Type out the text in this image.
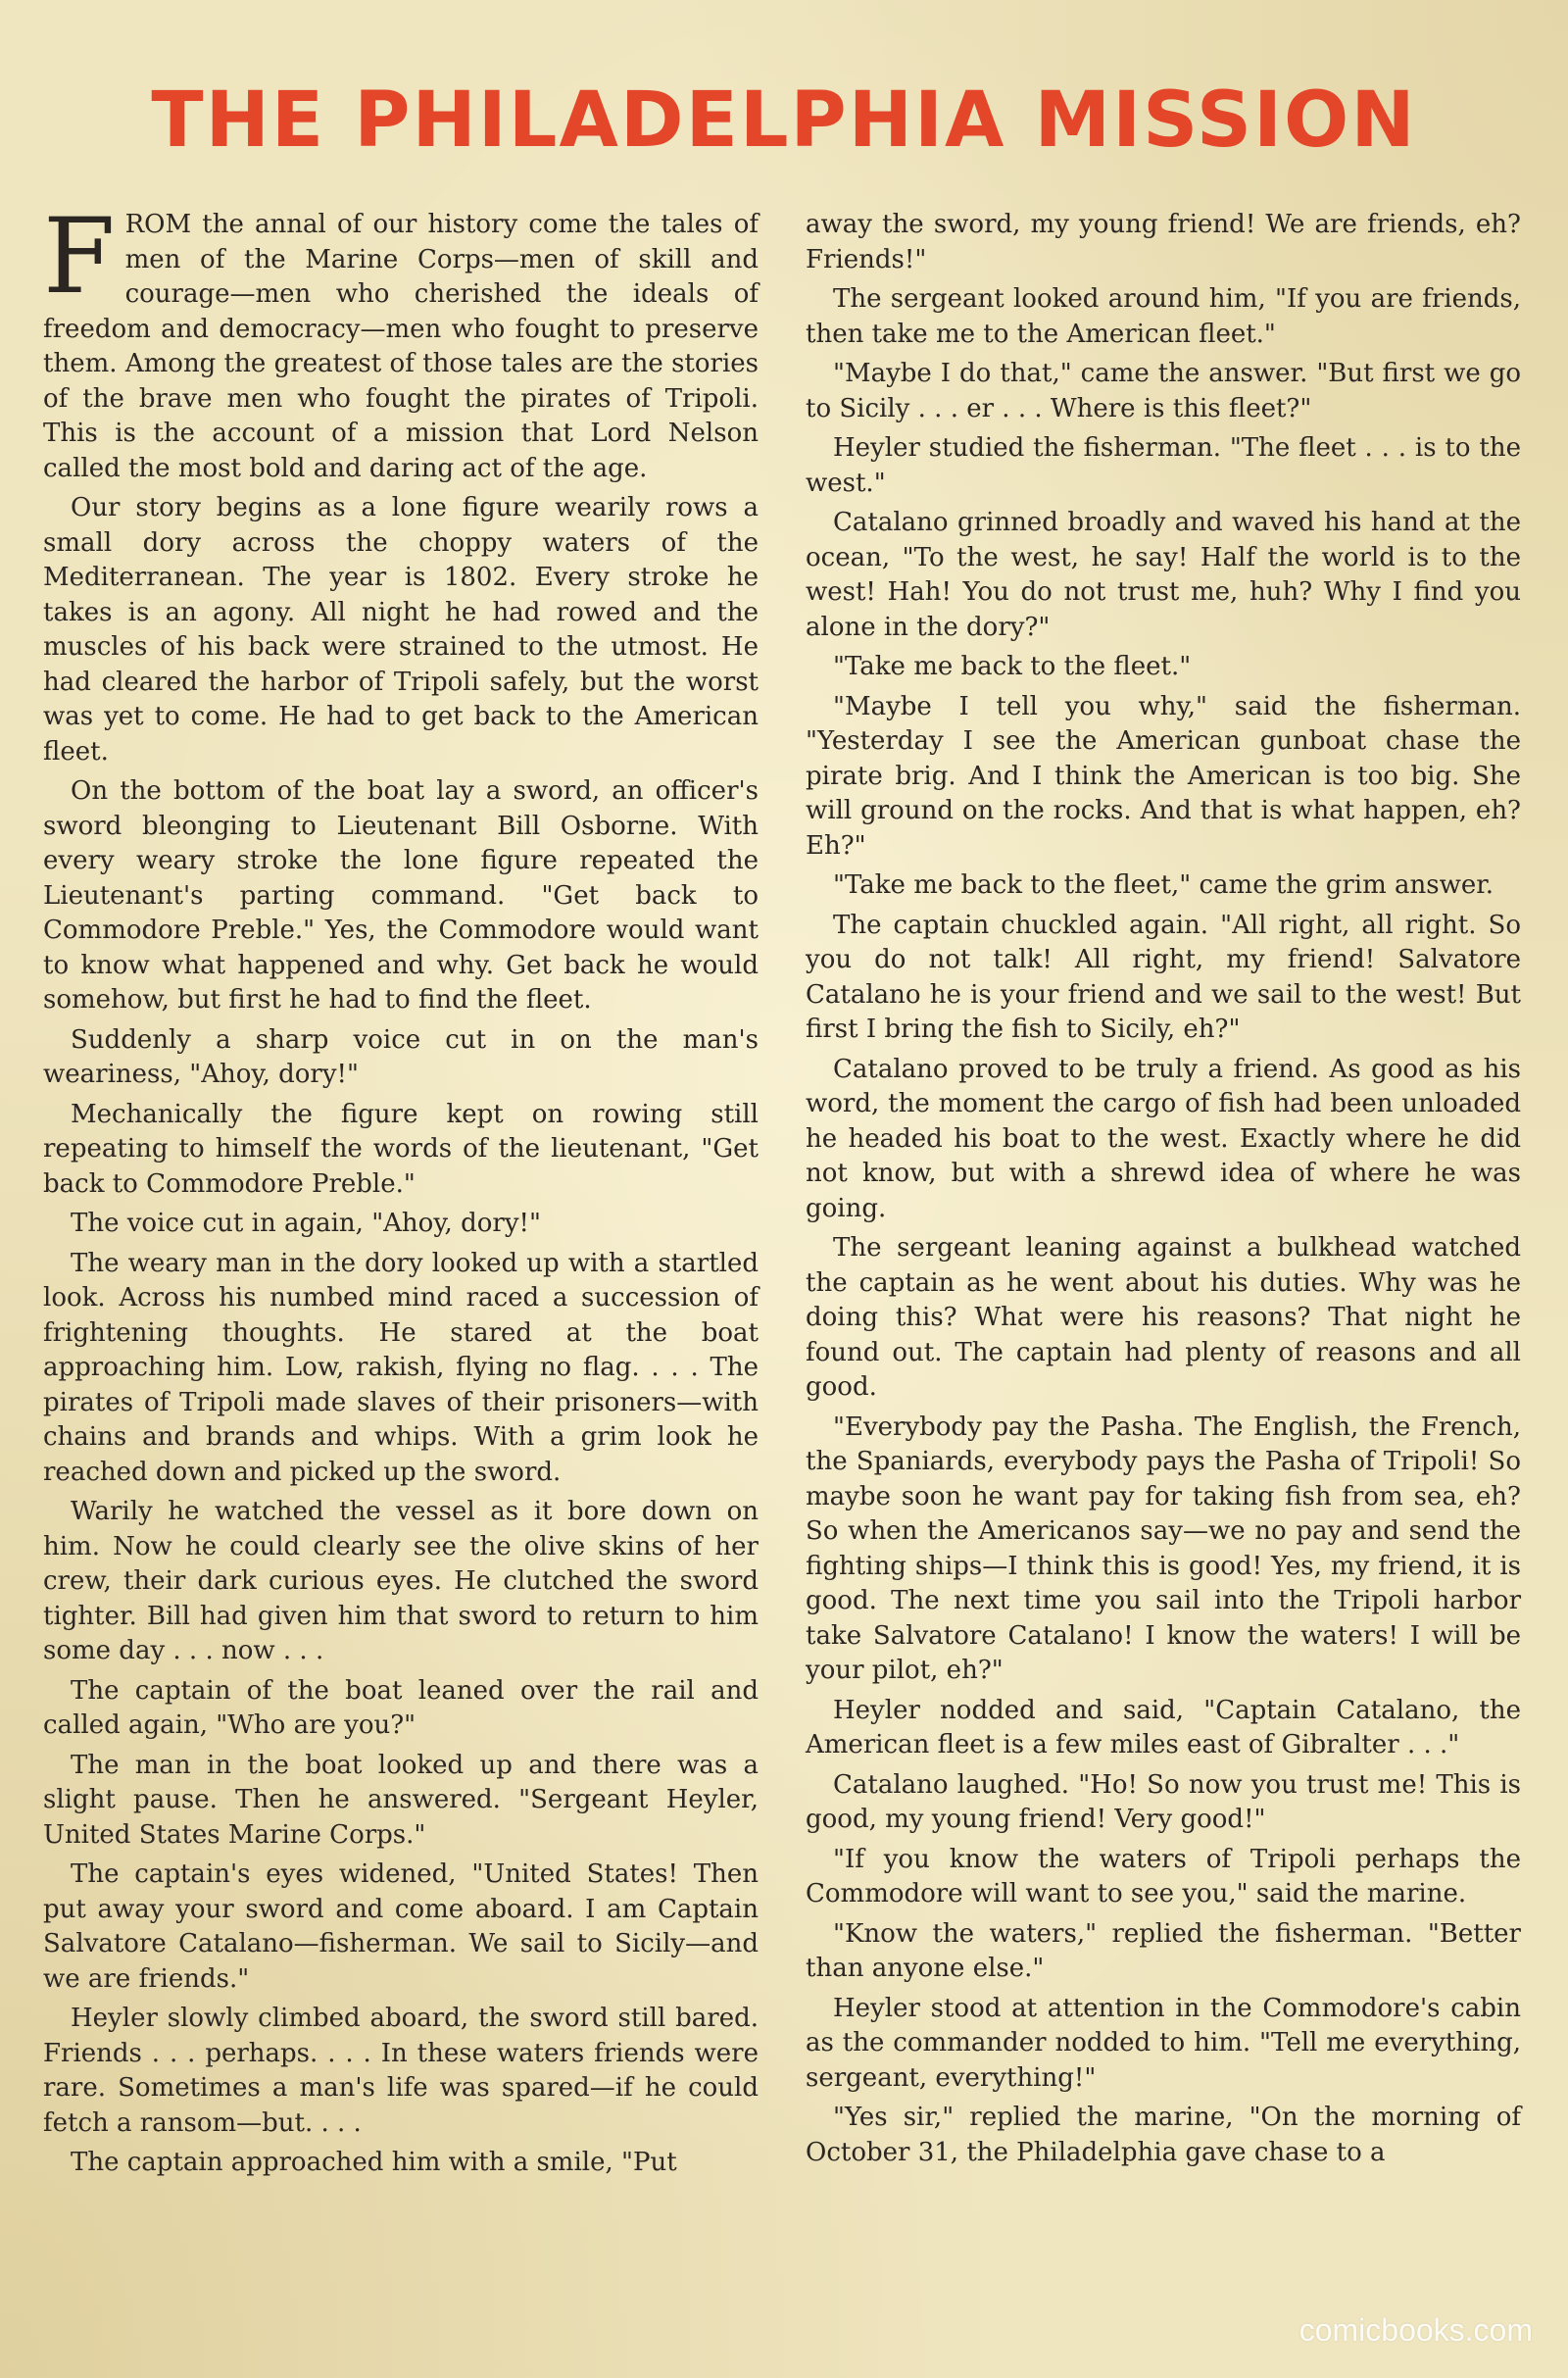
THE PHILADELPHIA MISSION

FROM the annal of our history come the tales of men of the Marine Corps—men of skill and courage—men who cherished the ideals of freedom and democracy—men who fought to preserve them. Among the greatest of those tales are the stories of the brave men who fought the pirates of Tripoli. This is the account of a mission that Lord Nelson called the most bold and daring act of the age.

Our story begins as a lone figure wearily rows a small dory across the choppy waters of the Mediterranean. The year is 1802. Every stroke he takes is an agony. All night he had rowed and the muscles of his back were strained to the utmost. He had cleared the harbor of Tripoli safely, but the worst was yet to come. He had to get back to the American fleet.

On the bottom of the boat lay a sword, an officer's sword bleonging to Lieutenant Bill Osborne. With every weary stroke the lone figure repeated the Lieutenant's parting command. "Get back to Commodore Preble." Yes, the Commodore would want to know what happened and why. Get back he would somehow, but first he had to find the fleet.

Suddenly a sharp voice cut in on the man's weariness, "Ahoy, dory!"

Mechanically the figure kept on rowing still repeating to himself the words of the lieutenant, "Get back to Commodore Preble."

The voice cut in again, "Ahoy, dory!"

The weary man in the dory looked up with a startled look. Across his numbed mind raced a succession of frightening thoughts. He stared at the boat approaching him. Low, rakish, flying no flag. . . . The pirates of Tripoli made slaves of their prisoners—with chains and brands and whips. With a grim look he reached down and picked up the sword.

Warily he watched the vessel as it bore down on him. Now he could clearly see the olive skins of her crew, their dark curious eyes. He clutched the sword tighter. Bill had given him that sword to return to him some day . . . now . . .

The captain of the boat leaned over the rail and called again, "Who are you?"

The man in the boat looked up and there was a slight pause. Then he answered. "Sergeant Heyler, United States Marine Corps."

The captain's eyes widened, "United States! Then put away your sword and come aboard. I am Captain Salvatore Catalano—fisherman. We sail to Sicily—and we are friends."

Heyler slowly climbed aboard, the sword still bared. Friends . . . perhaps. . . . In these waters friends were rare. Sometimes a man's life was spared—if he could fetch a ransom—but. . . .

The captain approached him with a smile, "Put

away the sword, my young friend! We are friends, eh? Friends!"

The sergeant looked around him, "If you are friends, then take me to the American fleet."

"Maybe I do that," came the answer. "But first we go to Sicily . . . er . . . Where is this fleet?"

Heyler studied the fisherman. "The fleet . . . is to the west."

Catalano grinned broadly and waved his hand at the ocean, "To the west, he say! Half the world is to the west! Hah! You do not trust me, huh? Why I find you alone in the dory?"

"Take me back to the fleet."

"Maybe I tell you why," said the fisherman. "Yesterday I see the American gunboat chase the pirate brig. And I think the American is too big. She will ground on the rocks. And that is what happen, eh? Eh?"

"Take me back to the fleet," came the grim answer.

The captain chuckled again. "All right, all right. So you do not talk! All right, my friend! Salvatore Catalano he is your friend and we sail to the west! But first I bring the fish to Sicily, eh?"

Catalano proved to be truly a friend. As good as his word, the moment the cargo of fish had been unloaded he headed his boat to the west. Exactly where he did not know, but with a shrewd idea of where he was going.

The sergeant leaning against a bulkhead watched the captain as he went about his duties. Why was he doing this? What were his reasons? That night he found out. The captain had plenty of reasons and all good.

"Everybody pay the Pasha. The English, the French, the Spaniards, everybody pays the Pasha of Tripoli! So maybe soon he want pay for taking fish from sea, eh? So when the Americanos say—we no pay and send the fighting ships—I think this is good! Yes, my friend, it is good. The next time you sail into the Tripoli harbor take Salvatore Catalano! I know the waters! I will be your pilot, eh?"

Heyler nodded and said, "Captain Catalano, the American fleet is a few miles east of Gibralter . . ."

Catalano laughed. "Ho! So now you trust me! This is good, my young friend! Very good!"

"If you know the waters of Tripoli perhaps the Commodore will want to see you," said the marine.

"Know the waters," replied the fisherman. "Better than anyone else."

Heyler stood at attention in the Commodore's cabin as the commander nodded to him. "Tell me everything, sergeant, everything!"

"Yes sir," replied the marine, "On the morning of October 31, the Philadelphia gave chase to a

comicbooks.com
